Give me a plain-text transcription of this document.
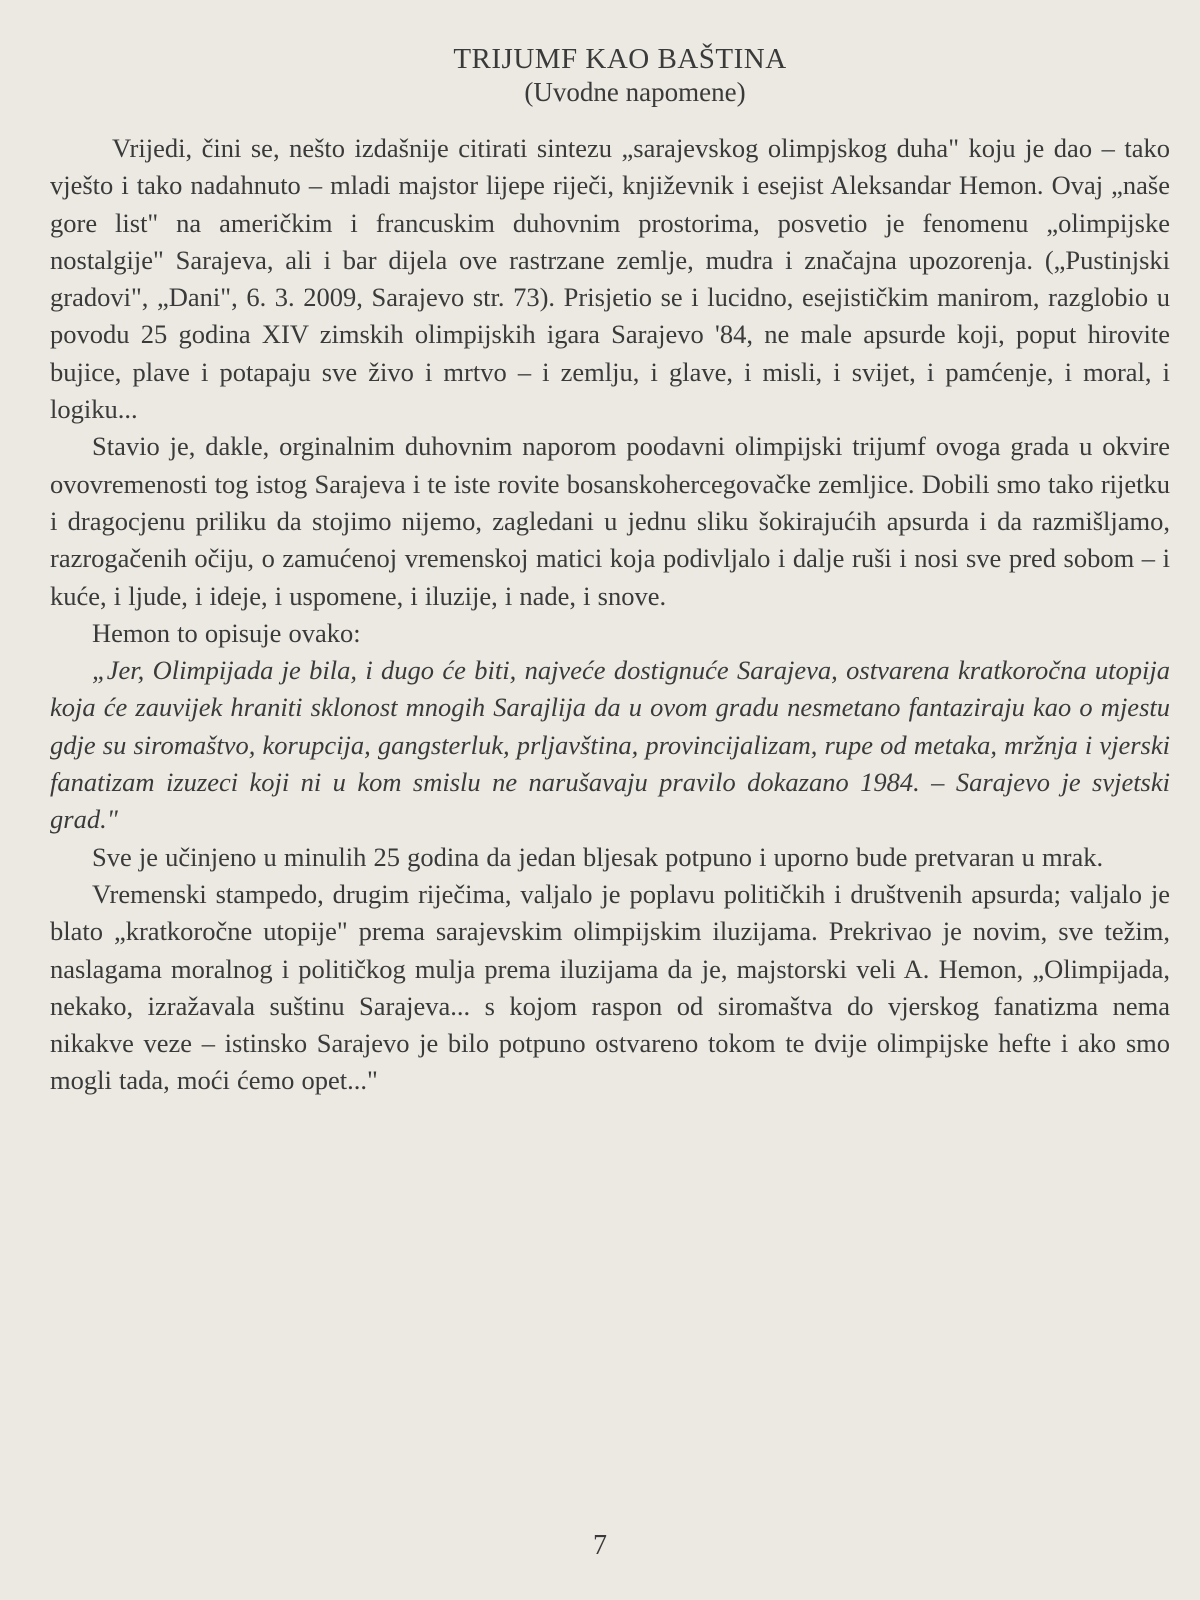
TRIJUMF KAO BAŠTINA
(Uvodne napomene)

Vrijedi, čini se, nešto izdašnije citirati sintezu „sarajevskog olimpjskog duha" koju je dao – tako vješto i tako nadahnuto – mladi majstor lijepe riječi, književnik i esejist Aleksandar Hemon. Ovaj „naše gore list" na američkim i francuskim duhovnim prostorima, posvetio je fenomenu „olimpijske nostalgije" Sarajeva, ali i bar dijela ove rastrzane zemlje, mudra i značajna upozorenja. („Pustinjski gradovi", „Dani", 6. 3. 2009, Sarajevo str. 73). Prisjetio se i lucidno, esejističkim manirom, razglobio u povodu 25 godina XIV zimskih olimpijskih igara Sarajevo '84, ne male apsurde koji, poput hirovite bujice, plave i potapaju sve živo i mrtvo – i zemlju, i glave, i misli, i svijet, i pamćenje, i moral, i logiku...

Stavio je, dakle, orginalnim duhovnim naporom poodavni olimpijski trijumf ovoga grada u okvire ovovremenosti tog istog Sarajeva i te iste rovite bosanskohercegovačke zemljice. Dobili smo tako rijetku i dragocjenu priliku da stojimo nijemo, zagledani u jednu sliku šokirajućih apsurda i da razmišljamo, razrogačenih očiju, o zamućenoj vremenskoj matici koja podivljalo i dalje ruši i nosi sve pred sobom – i kuće, i ljude, i ideje, i uspomene, i iluzije, i nade, i snove.

Hemon to opisuje ovako:

„Jer, Olimpijada je bila, i dugo će biti, najveće dostignuće Sarajeva, ostvarena kratkoročna utopija koja će zauvijek hraniti sklonost mnogih Sarajlija da u ovom gradu nesmetano fantaziraju kao o mjestu gdje su siromaštvo, korupcija, gangsterluk, prljavština, provincijalizam, rupe od metaka, mržnja i vjerski fanatizam izuzeci koji ni u kom smislu ne narušavaju pravilo dokazano 1984. – Sarajevo je svjetski grad."

Sve je učinjeno u minulih 25 godina da jedan bljesak potpuno i uporno bude pretvaran u mrak.

Vremenski stampedo, drugim riječima, valjalo je poplavu političkih i društvenih apsurda; valjalo je blato „kratkoročne utopije" prema sarajevskim olimpijskim iluzijama. Prekrivao je novim, sve težim, naslagama moralnog i političkog mulja prema iluzijama da je, majstorski veli A. Hemon, „Olimpijada, nekako, izražavala suštinu Sarajeva... s kojom raspon od siromaštva do vjerskog fanatizma nema nikakve veze – istinsko Sarajevo je bilo potpuno ostvareno tokom te dvije olimpijske hefte i ako smo mogli tada, moći ćemo opet..."

7
